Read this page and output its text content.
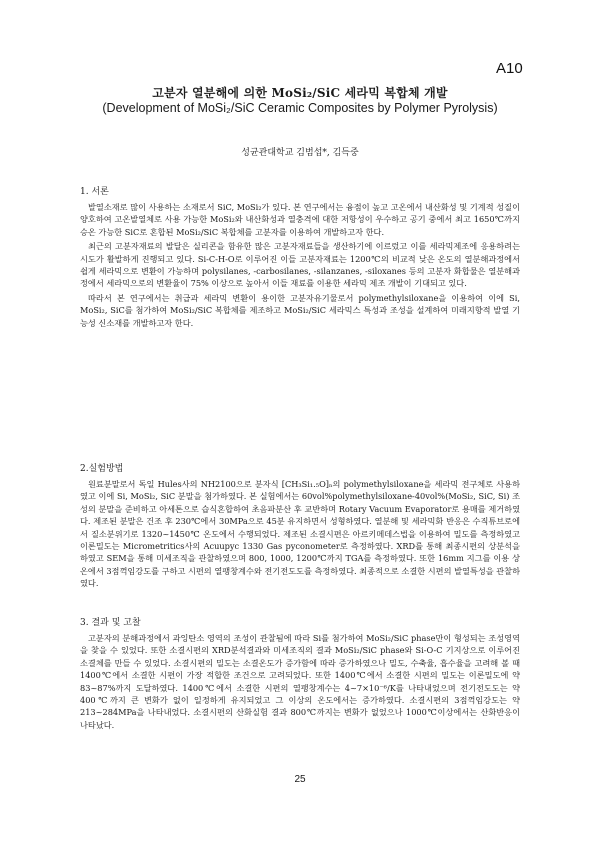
A10
고분자 열분해에 의한 MoSi₂/SiC 세라믹 복합체 개발
(Development of MoSi₂/SiC Ceramic Composites by Polymer Pyrolysis)
성균관대학교 김범섭*, 김득중
1. 서론

발열소재로 많이 사용하는 소재로서 SiC, MoSi₂가 있다. 본 연구에서는 융점이 높고 고온에서 내산화성 및 기계적 성질이 양호하여 고온발열체로 사용 가능한 MoSi₂와 내산화성과 열충격에 대한 저항성이 우수하고 공기 중에서 최고 1650℃까지 승온 가능한 SiC로 혼합된 MoSi₂/SiC 복합체를 고분자를 이용하여 개발하고자 한다.

최근의 고분자재료의 발달은 실리콘을 함유한 많은 고분자재료들을 생산하기에 이르렀고 이를 세라믹제조에 응용하려는 시도가 활발하게 진행되고 있다. Si-C-H-O로 이루어진 이들 고분자재료는 1200℃의 비교적 낮은 온도의 열분해과정에서 쉽게 세라믹으로 변환이 가능하며 polysilanes, -carbosilanes, -silanzanes, -siloxanes 등의 고분자 화합물은 열분해과정에서 세라믹으로의 변환율이 75% 이상으로 높아서 이들 재료를 이용한 세라믹 제조 개발이 기대되고 있다.

따라서 본 연구에서는 취급과 세라믹 변환이 용이한 고분자유기물로서 polymethylsiloxane을 이용하여 이에 Si, MoSi₂, SiC를 첨가하여 MoSi₂/SiC 복합체를 제조하고 MoSi₂/SiC 세라믹스 특성과 조성을 설계하여 미래지향적 발열 기능성 신소재를 개발하고자 한다.

2.실험방법

원료분말로서 독일 Hules사의 NH2100으로 분자식 [CH₃Si₁.₅O]ₙ의 polymethylsiloxane을 세라믹 전구체로 사용하였고 이에 Si, MoSi₂, SiC 분말을 첨가하였다. 본 실험에서는 60vol%polymethylsiloxane-40vol%(MoSi₂, SiC, Si) 조성의 분말을 준비하고 아세톤으로 습식혼합하여 초음파분산 후 교반하며 Rotary Vacuum Evaporator로 용매를 제거하였다. 제조된 분말은 건조 후 230℃에서 30MPa으로 45분 유지하면서 성형하였다. 열분해 및 세라믹화 반응은 수직튜브로에서 질소분위기로 1320~1450℃ 온도에서 수행되었다. 제조된 소결시편은 아르키메데스법을 이용하여 밀도를 측정하였고 이론밀도는 Micrometritics사의 Acuupyc 1330 Gas pyconometer로 측정하였다. XRD를 통해 최종시편의 상분석을 하였고 SEM을 통해 미세조직을 관찰하였으며 800, 1000, 1200℃까지 TGA를 측정하였다. 또한 16mm 지그를 이용 상온에서 3점꺽임강도를 구하고 시편의 열팽창계수와 전기전도도를 측정하였다. 최종적으로 소결한 시편의 발열특성을 관찰하였다.

3. 결과 및 고찰

고분자의 분해과정에서 과잉탄소 영역의 조성이 관찰됨에 따라 Si를 첨가하여 MoSi₂/SiC phase만이 형성되는 조성영역을 찾을 수 있었다. 또한 소결시편의 XRD분석결과와 미세조직의 결과 MoSi₂/SiC phase와 Si-O-C 기지상으로 이루어진 소결체를 만들 수 있었다. 소결시편의 밀도는 소결온도가 증가함에 따라 증가하였으나 밀도, 수축율, 흡수율을 고려해 볼 때 1400℃에서 소결한 시편이 가장 적합한 조건으로 고려되었다. 또한 1400℃에서 소결한 시편의 밀도는 이론밀도에 약 83~87%까지 도달하였다. 1400℃에서 소결한 시편의 열팽창계수는 4~7×10⁻⁶/K를 나타내었으며 전기전도도는 약 400℃까지 큰 변화가 없이 일정하게 유지되었고 그 이상의 온도에서는 증가하였다. 소결시편의 3점꺽임강도는 약 213~284MPa을 나타내었다. 소결시편의 산화실험 결과 800℃까지는 변화가 없었으나 1000℃이상에서는 산화반응이 나타났다.

25
